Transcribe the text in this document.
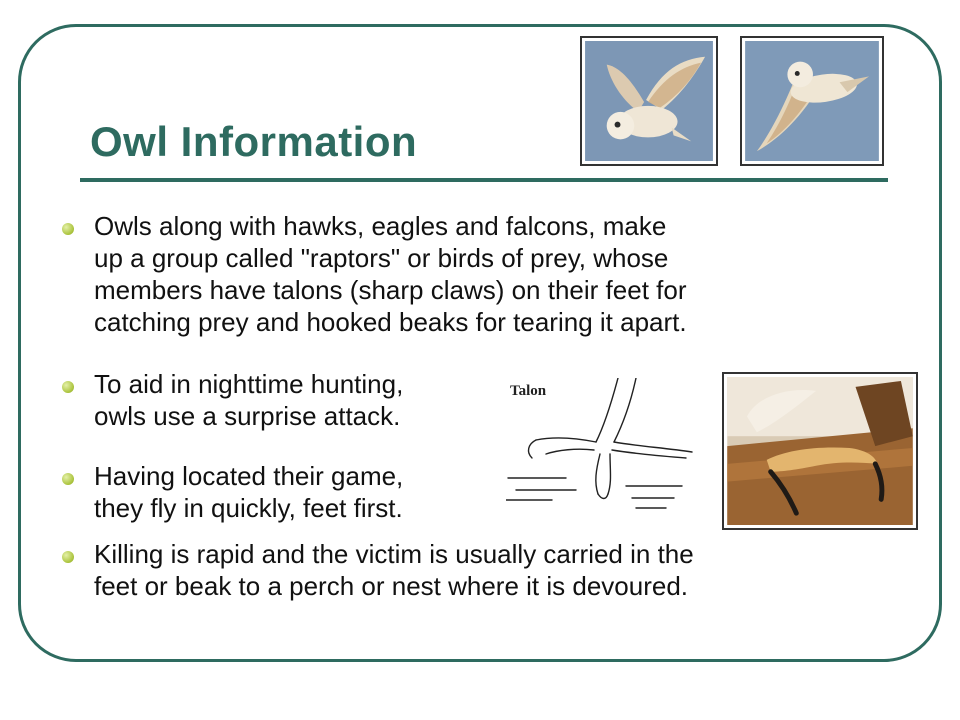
Owl Information
Owls along with hawks, eagles and falcons, make
up a group called "raptors" or birds of prey, whose
members have talons (sharp claws) on their feet for
catching prey and hooked beaks for tearing it apart.
To aid in nighttime hunting,
owls use a surprise attack.
Having located their game,
they fly in quickly, feet first.
Killing is rapid and the victim is usually carried in the
feet or beak to a perch or nest where it is devoured.
Talon
